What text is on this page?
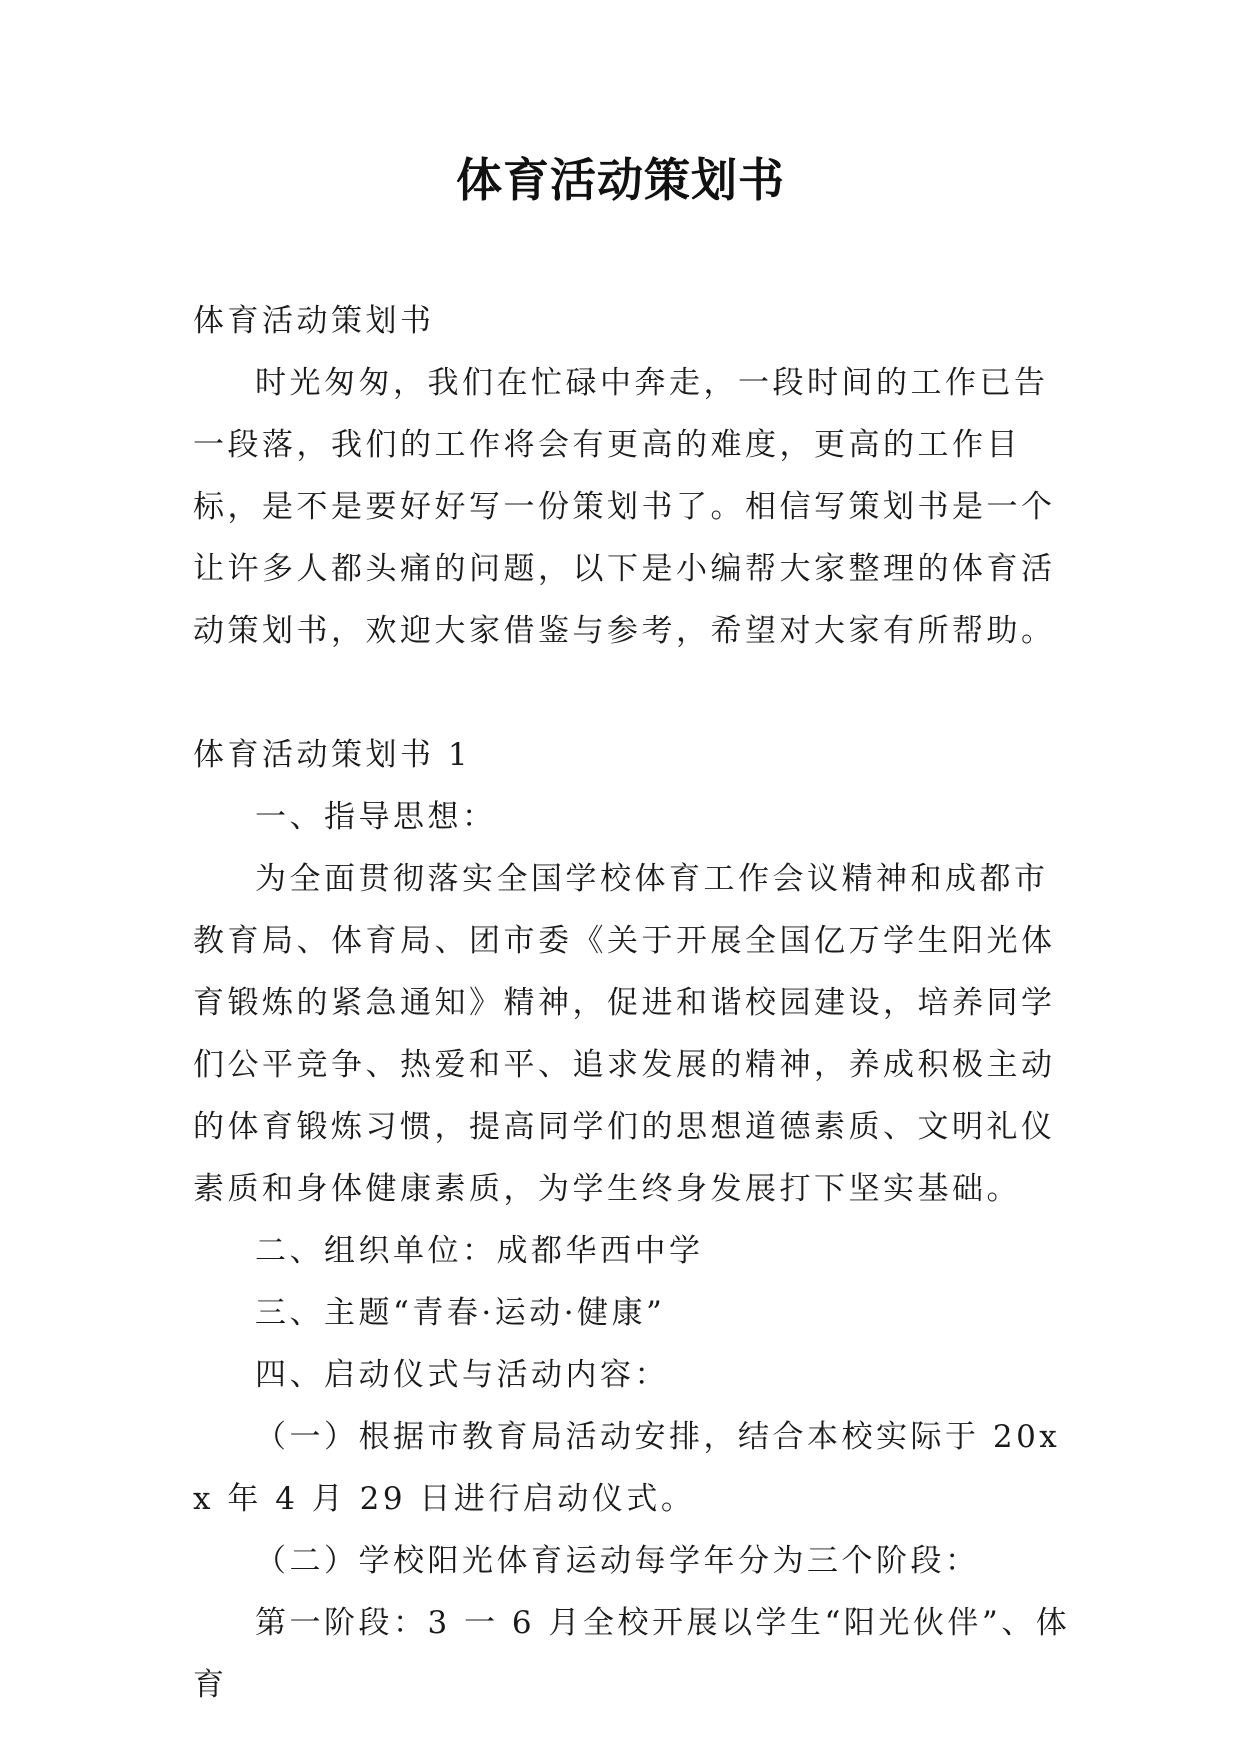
体育活动策划书

体育活动策划书

时光匆匆，我们在忙碌中奔走，一段时间的工作已告一段落，我们的工作将会有更高的难度，更高的工作目标，是不是要好好写一份策划书了。相信写策划书是一个让许多人都头痛的问题，以下是小编帮大家整理的体育活动策划书，欢迎大家借鉴与参考，希望对大家有所帮助。

体育活动策划书 1

一、指导思想：

为全面贯彻落实全国学校体育工作会议精神和成都市教育局、体育局、团市委《关于开展全国亿万学生阳光体育锻炼的紧急通知》精神，促进和谐校园建设，培养同学们公平竞争、热爱和平、追求发展的精神，养成积极主动的体育锻炼习惯，提高同学们的思想道德素质、文明礼仪素质和身体健康素质，为学生终身发展打下坚实基础。

二、组织单位：成都华西中学

三、主题“青春·运动·健康”

四、启动仪式与活动内容：

（一）根据市教育局活动安排，结合本校实际于 20xx 年 4 月 29 日进行启动仪式。

（二）学校阳光体育运动每学年分为三个阶段：

第一阶段：3 一 6 月全校开展以学生“阳光伙伴”、体育
